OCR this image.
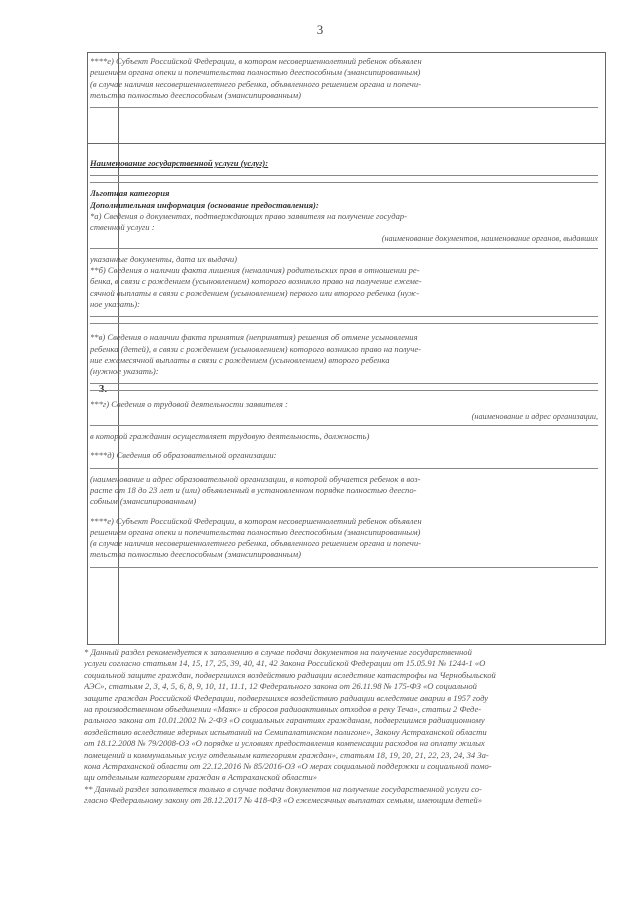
3
3.

****е) Субъект Российской Федерации, в котором несовершеннолетний ребенок объявлен

решением органа опеки и попечительства полностью дееспособным (эмансипированным)

(в случае наличия несовершеннолетнего ребенка, объявленного решением органа и попечи-

тельства полностью дееспособным (эмансипированным)

Наименование государственной услуги (услуг):

Льготная категория

Дополнительная информация (основание предоставления):

*а) Сведения о документах, подтверждающих право заявителя на получение государ-

ственной услуги :

(наименование документов, наименование органов, выдавших

указанные документы, дата их выдачи)

**б) Сведения о наличии факта лишения (неналичия) родительских прав в отношении ре-

бенка, в связи с рождением (усыновлением) которого возникло право на получение ежеме-

сячной выплаты в связи с рождением (усыновлением) первого или второго ребенка (нуж-

ное указать):

**в) Сведения о наличии факта принятия (непринятия) решения об отмене усыновления

ребенка (детей), в связи с рождением (усыновлением) которого возникло право на получе-

ние ежемесячной выплаты в связи с рождением (усыновлением) второго ребенка

(нужное указать):

***г) Сведения о трудовой деятельности заявителя :

(наименование и адрес организации,

в которой гражданин осуществляет трудовую деятельность, должность)

****д) Сведения об образовательной организации:

(наименование и адрес образовательной организации, в которой обучается ребенок в воз-

расте от 18 до 23 лет и (или) объявленный в установленном порядке полностью дееспо-

собным (эмансипированным)

****е) Субъект Российской Федерации, в котором несовершеннолетний ребенок объявлен

решением органа опеки и попечительства полностью дееспособным (эмансипированным)

(в случае наличия несовершеннолетнего ребенка, объявленного решением органа и попечи-

тельства полностью дееспособным (эмансипированным)

* Данный раздел рекомендуется к заполнению в случае подачи документов на получение государственной

услуги согласно статьям 14, 15, 17, 25, 39, 40, 41, 42 Закона Российской Федерации от 15.05.91 № 1244-1 «О

социальной защите граждан, подвергшихся воздействию радиации вследствие катастрофы на Чернобыльской

АЭС», статьям 2, 3, 4, 5, 6, 8, 9, 10, 11, 11.1, 12 Федерального закона от 26.11.98 № 175-ФЗ «О социальной

защите граждан Российской Федерации, подвергшихся воздействию радиации вследствие аварии в 1957 году

на производственном объединении «Маяк» и сбросов радиоактивных отходов в реку Теча», статьи 2 Феде-

рального закона от 10.01.2002 № 2-ФЗ «О социальных гарантиях гражданам, подвергшимся радиационному

воздействию вследствие ядерных испытаний на Семипалатинском полигоне», Закону Астраханской области

от 18.12.2008 № 79/2008-ОЗ «О порядке и условиях предоставления компенсации расходов на оплату жилых

помещений и коммунальных услуг отдельным категориям граждан», статьям 18, 19, 20, 21, 22, 23, 24, 34 За-

кона Астраханской области от 22.12.2016 № 85/2016-ОЗ «О мерах социальной поддержки и социальной помо-

щи отдельным категориям граждан в Астраханской области»

** Данный раздел заполняется только в случае подачи документов на получение государственной услуги со-

гласно Федеральному закону от 28.12.2017 № 418-ФЗ «О ежемесячных выплатах семьям, имеющим детей»
